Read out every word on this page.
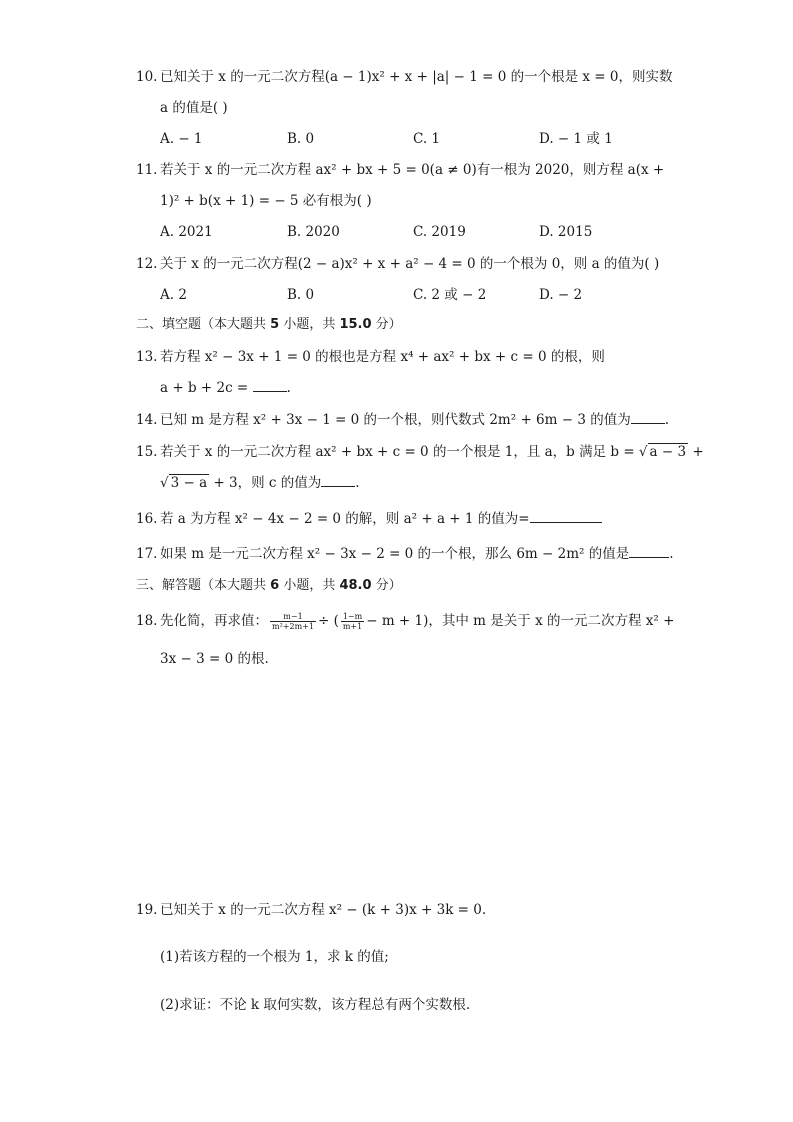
10. 已知关于 x 的一元二次方程(a − 1)x² + x + |a| − 1 = 0 的一个根是 x = 0，则实数
a 的值是( )
A. − 1	B. 0	C. 1	D. − 1 或 1
11. 若关于 x 的一元二次方程 ax² + bx + 5 = 0(a ≠ 0)有一根为 2020，则方程 a(x +
1)² + b(x + 1) = − 5 必有根为( )
A. 2021	B. 2020	C. 2019	D. 2015
12. 关于 x 的一元二次方程(2 − a)x² + x + a² − 4 = 0 的一个根为 0，则 a 的值为( )
A. 2	B. 0	C. 2 或 − 2	D. − 2
二、填空题（本大题共 5 小题，共 15.0 分）
13. 若方程 x² − 3x + 1 = 0 的根也是方程 x⁴ + ax² + bx + c = 0 的根，则
a + b + 2c =	.
14. 已知 m 是方程 x² + 3x − 1 = 0 的一个根，则代数式 2m² + 6m − 3 的值为	.
15. 若关于 x 的一元二次方程 ax² + bx + c = 0 的一个根是 1，且 a，b 满足 b = √ a − 3 +
√ 3 − a + 3，则 c 的值为	.
16. 若 a 为方程 x² − 4x − 2 = 0 的解，则 a² + a + 1 的值为=
17. 如果 m 是一元二次方程 x² − 3x − 2 = 0 的一个根，那么 6m − 2m² 的值是	.
三、解答题（本大题共 6 小题，共 48.0 分）
18. 先化简，再求值： $\frac{m-1}{\text{m²+2m+1}}$ ÷ ( $\frac{1-m}{m+1} - m + 1$)，其中 m 是关于 x 的一元二次方程 x² +
3x − 3 = 0 的根.
19. 已知关于 x 的一元二次方程 x² − (k + 3)x + 3k = 0.
(1)若该方程的一个根为 1，求 k 的值;
(2)求证：不论 k 取何实数，该方程总有两个实数根.
